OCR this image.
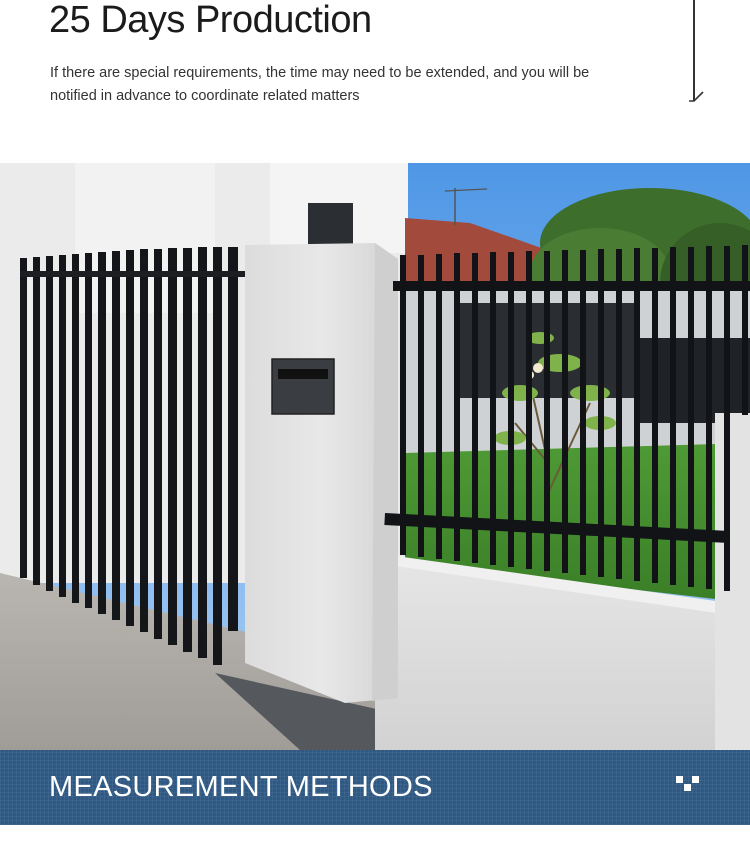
25 Days Production
If there are special requirements, the time may need to be extended, and you will be notified in advance to coordinate related matters
MEASUREMENT METHODS
